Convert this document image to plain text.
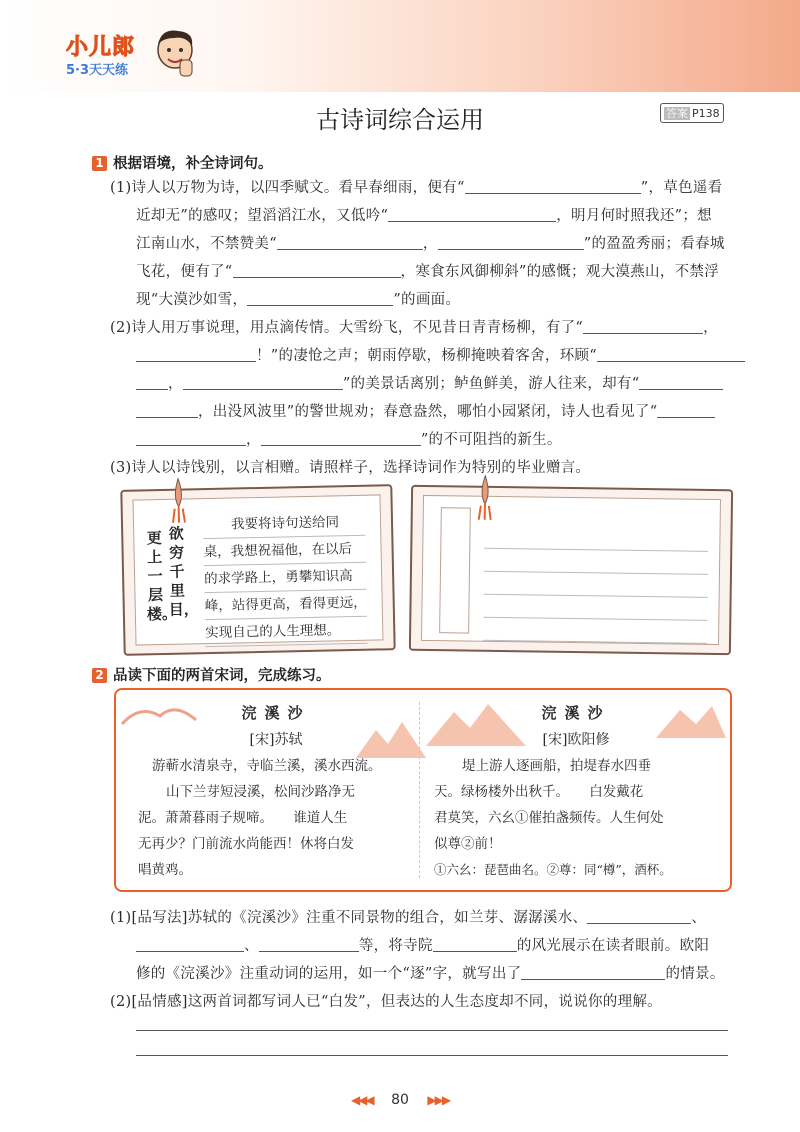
小儿郎
5·3天天练
古诗词综合运用	答案 P138
1 根据语境，补全诗词句。
(1)诗人以万物为诗，以四季赋文。看早春细雨，便有“	”，草色遥看
近却无”的感叹；望滔滔江水，又低吟“	，明月何时照我还”；想
江南山水，不禁赞美“	，	”的盈盈秀丽；看春城
飞花，便有了“	，寒食东风御柳斜”的感慨；观大漠燕山，不禁浮
现“大漠沙如雪，	”的画面。
(2)诗人用万事说理，用点滴传情。大雪纷飞，不见昔日青青杨柳，有了“	，
！”的凄怆之声；朝雨停歇，杨柳掩映着客舍，环顾“
，	”的美景话离别；鲈鱼鲜美，游人往来，却有“
，出没风波里”的警世规劝；春意盎然，哪怕小园紧闭，诗人也看见了“
，	”的不可阻挡的新生。
(3)诗人以诗饯别，以言相赠。请照样子，选择诗词作为特别的毕业赠言。
更上一层楼。
欲穷千里目，
我要将诗句送给同
桌，我想祝福他，在以后
的求学路上，勇攀知识高
峰，站得更高，看得更远，
实现自己的人生理想。
2 品读下面的两首宋词，完成练习。
浣溪沙
[宋]苏轼
游蕲水清泉寺，寺临兰溪，溪水西流。
山下兰芽短浸溪，松间沙路净无
泥。萧萧暮雨子规啼。　　谁道人生
无再少？门前流水尚能西！休将白发
唱黄鸡。
浣溪沙
[宋]欧阳修
堤上游人逐画船，拍堤春水四垂
天。绿杨楼外出秋千。　　白发戴花
君莫笑，六幺①催拍盏频传。人生何处
似尊②前！
①六幺：琵琶曲名。②尊：同“樽”，酒杯。
(1)[品写法]苏轼的《浣溪沙》注重不同景物的组合，如兰芽、潺潺溪水、	、
、	等，将寺院	的风光展示在读者眼前。欧阳
修的《浣溪沙》注重动词的运用，如一个“逐”字，就写出了	的情景。
(2)[品情感]这两首词都写词人已“白发”，但表达的人生态度却不同，说说你的理解。
◀◀◀ 80 ▶▶▶
